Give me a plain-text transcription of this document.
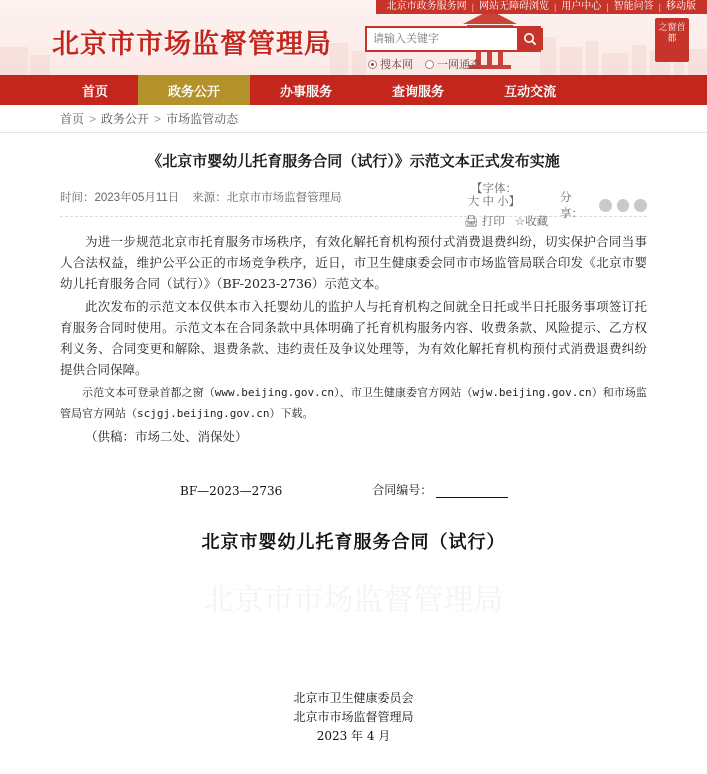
北京市政务服务网 | 网站无障碍浏览 | 用户中心 | 智能问答 | 移动版
北京市市场监督管理局
请输入关键字
搜本网 一网通查
之窗首都
首页	政务公开	办事服务	查询服务	互动交流
首页 > 政务公开 > 市场监管动态
《北京市婴幼儿托育服务合同（试行）》示范文本正式发布实施
时间：2023年05月11日 来源：北京市市场监督管理局
【字体：
大 中 小】	分享：
🖨 打印 ☆收藏

为进一步规范北京市托育服务市场秩序，有效化解托育机构预付式消费退费纠纷，切实保护合同当事人合法权益，维护公平公正的市场竞争秩序，近日，市卫生健康委会同市市场监管局联合印发《北京市婴幼儿托育服务合同（试行）》（BF-2023-2736）示范文本。

此次发布的示范文本仅供本市入托婴幼儿的监护人与托育机构之间就全日托或半日托服务事项签订托育服务合同时使用。示范文本在合同条款中具体明确了托育机构服务内容、收费条款、风险提示、乙方权利义务、合同变更和解除、退费条款、违约责任及争议处理等，为有效化解托育机构预付式消费退费纠纷提供合同保障。

示范文本可登录首都之窗（www.beijing.gov.cn）、市卫生健康委官方网站（wjw.beijing.gov.cn）和市场监管局官方网站（scjgj.beijing.gov.cn）下载。

（供稿：市场二处、消保处）

BF—2023—2736	合同编号：
北京市婴幼儿托育服务合同（试行）
北京市市场监督管理局
北京市卫生健康委员会
北京市市场监督管理局
2023 年 4 月
